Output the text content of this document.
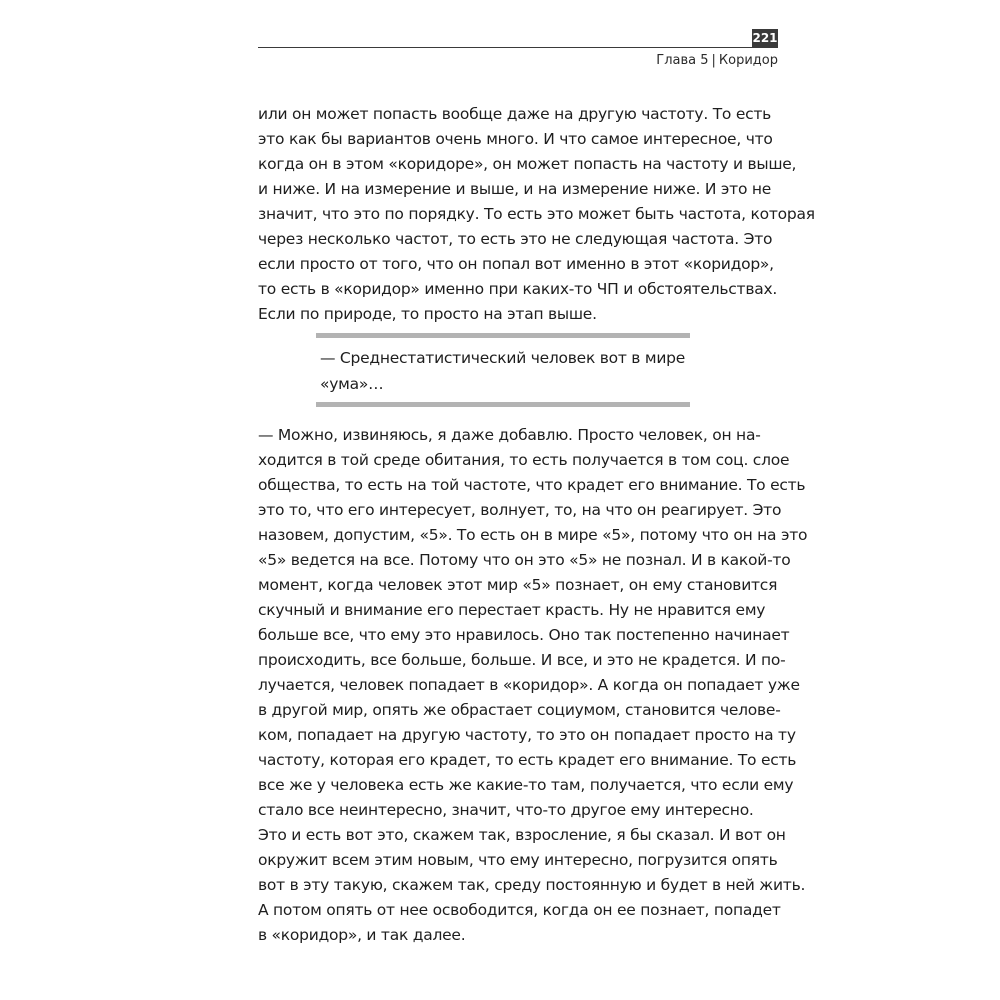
221
Глава 5 | Коридор
или он может попасть вообще даже на другую частоту. То есть
это как бы вариантов очень много. И что самое интересное, что
когда он в этом «коридоре», он может попасть на частоту и выше,
и ниже. И на измерение и выше, и на измерение ниже. И это не
значит, что это по порядку. То есть это может быть частота, которая
через несколько частот, то есть это не следующая частота. Это
если просто от того, что он попал вот именно в этот «коридор»,
то есть в «коридор» именно при каких-то ЧП и обстоятельствах.
Если по природе, то просто на этап выше.
— Среднестатистический человек вот в мире
«ума»…
— Можно, извиняюсь, я даже добавлю. Просто человек, он на-
ходится в той среде обитания, то есть получается в том соц. слое
общества, то есть на той частоте, что крадет его внимание. То есть
это то, что его интересует, волнует, то, на что он реагирует. Это
назовем, допустим, «5». То есть он в мире «5», потому что он на это
«5» ведется на все. Потому что он это «5» не познал. И в какой-то
момент, когда человек этот мир «5» познает, он ему становится
скучный и внимание его перестает красть. Ну не нравится ему
больше все, что ему это нравилось. Оно так постепенно начинает
происходить, все больше, больше. И все, и это не крадется. И по-
лучается, человек попадает в «коридор». А когда он попадает уже
в другой мир, опять же обрастает социумом, становится челове-
ком, попадает на другую частоту, то это он попадает просто на ту
частоту, которая его крадет, то есть крадет его внимание. То есть
все же у человека есть же какие-то там, получается, что если ему
стало все неинтересно, значит, что-то другое ему интересно.
Это и есть вот это, скажем так, взросление, я бы сказал. И вот он
окружит всем этим новым, что ему интересно, погрузится опять
вот в эту такую, скажем так, среду постоянную и будет в ней жить.
А потом опять от нее освободится, когда он ее познает, попадет
в «коридор», и так далее.
